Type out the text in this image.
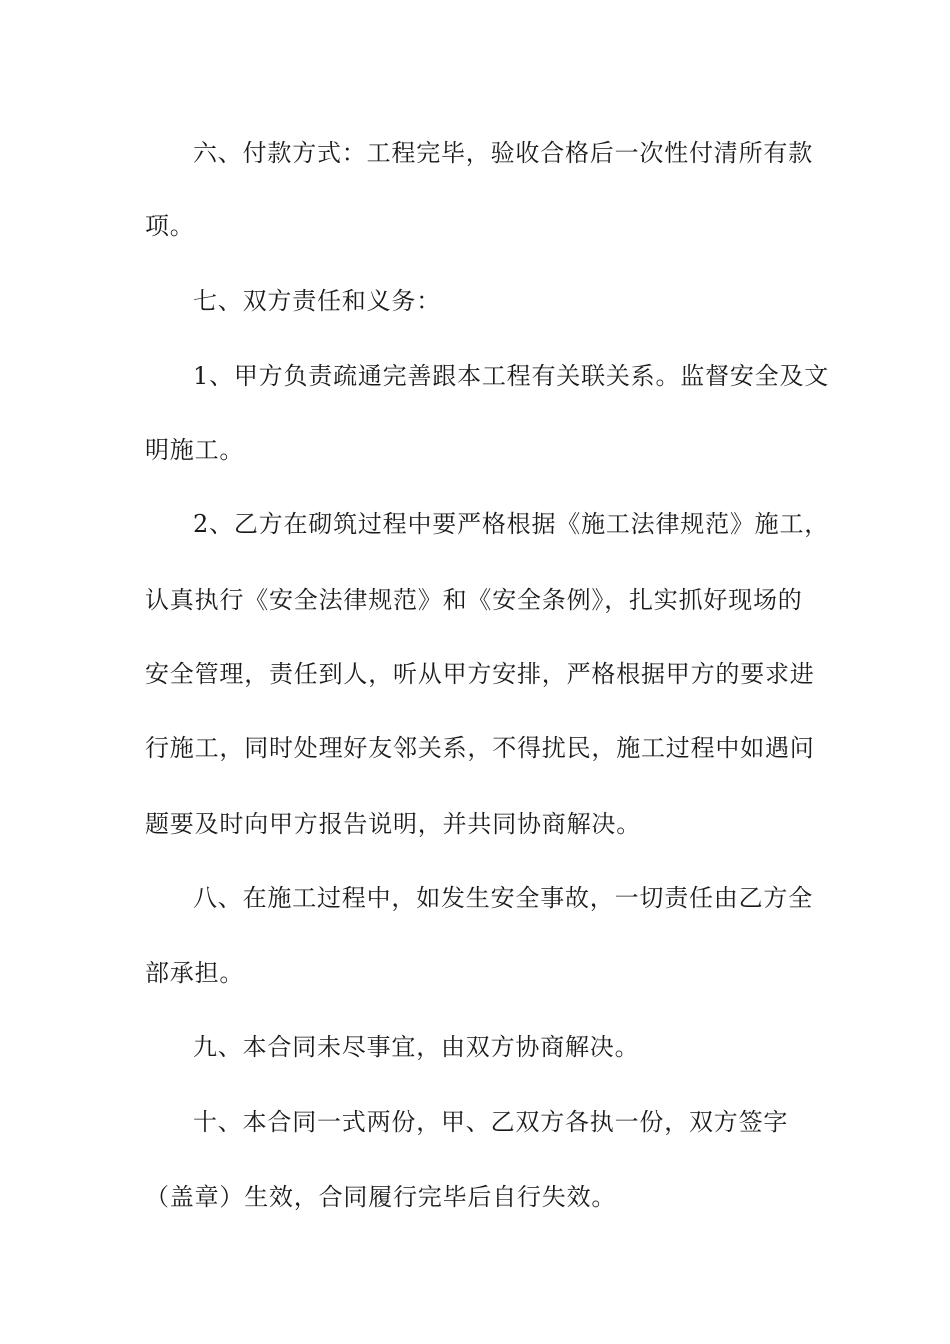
六、付款方式：工程完毕，验收合格后一次性付清所有款

项。

七、双方责任和义务：

1、甲方负责疏通完善跟本工程有关联关系。监督安全及文

明施工。

2、乙方在砌筑过程中要严格根据《施工法律规范》施工，

认真执行《安全法律规范》和《安全条例》，扎实抓好现场的

安全管理，责任到人，听从甲方安排，严格根据甲方的要求进

行施工，同时处理好友邻关系，不得扰民，施工过程中如遇问

题要及时向甲方报告说明，并共同协商解决。

八、在施工过程中，如发生安全事故，一切责任由乙方全

部承担。

九、本合同未尽事宜，由双方协商解决。

十、本合同一式两份，甲、乙双方各执一份，双方签字

（盖章）生效，合同履行完毕后自行失效。
